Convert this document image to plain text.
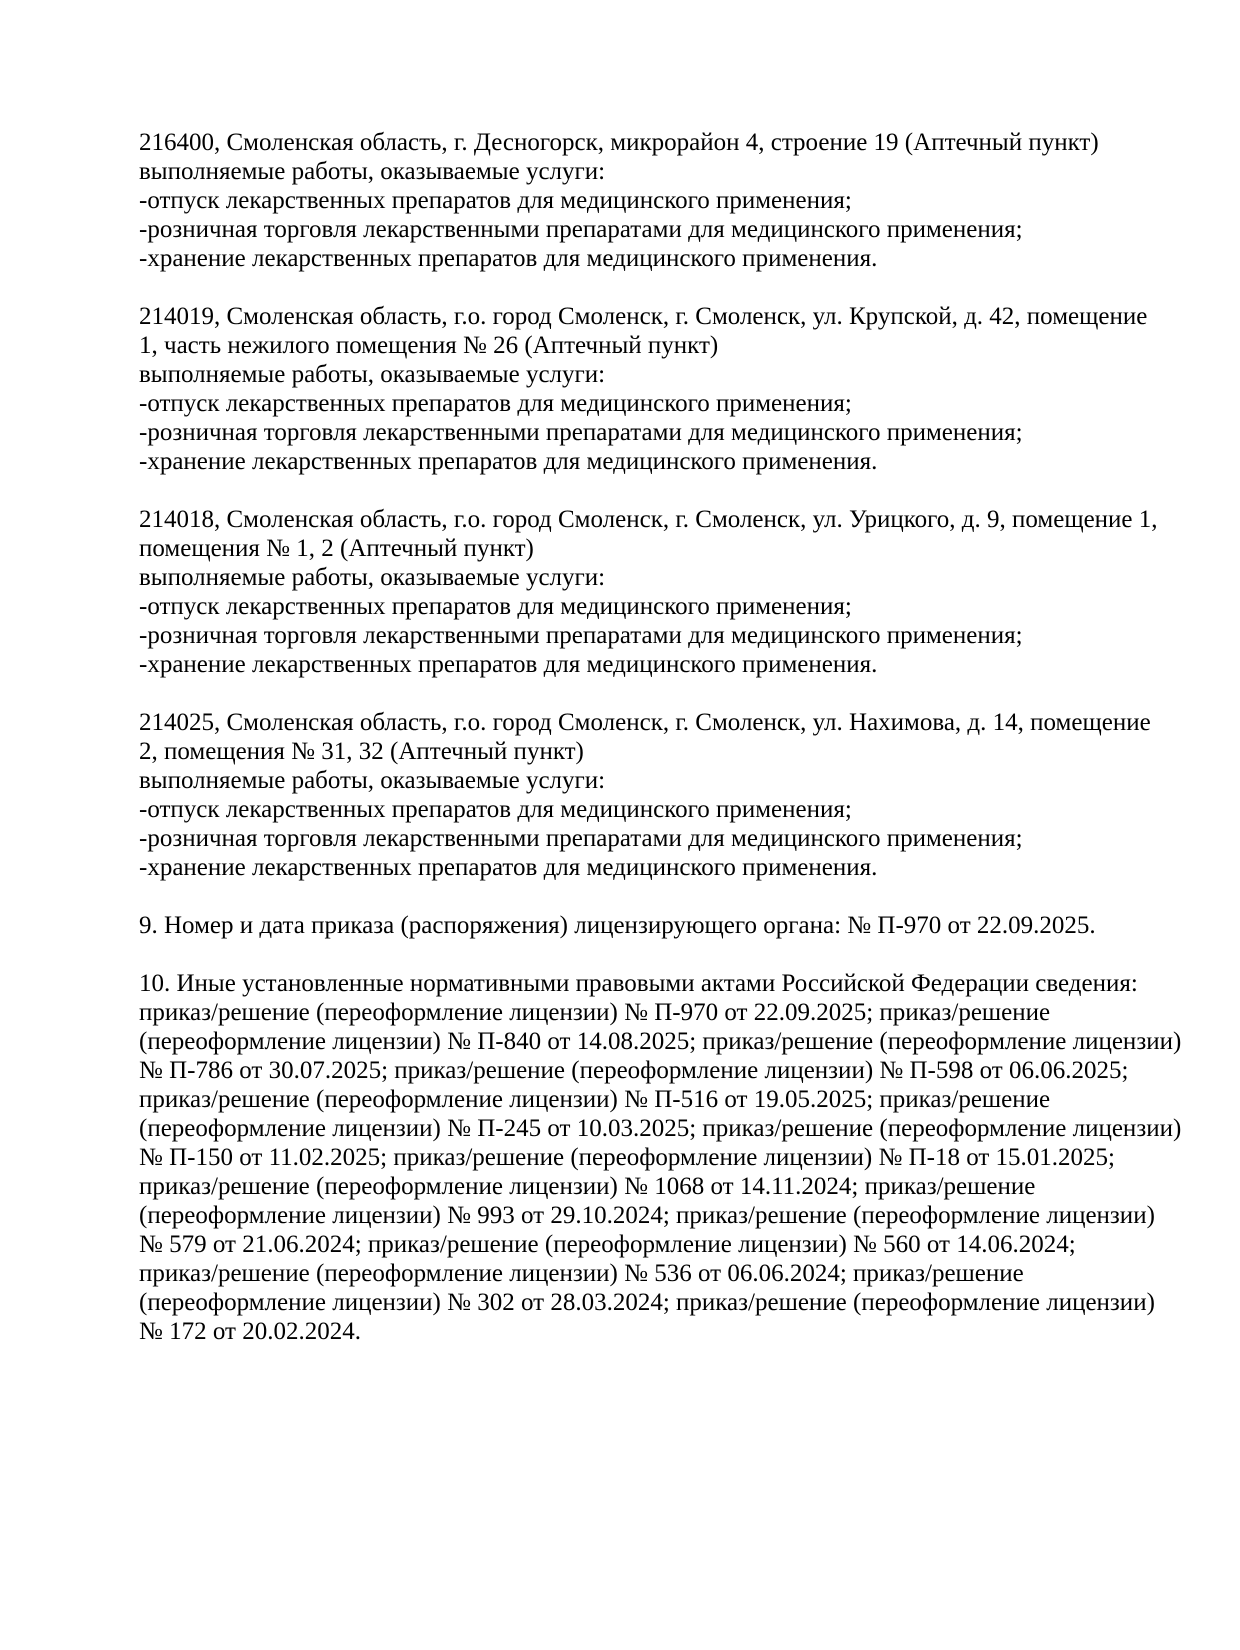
216400, Смоленская область, г. Десногорск, микрорайон 4, строение 19 (Аптечный пункт)
выполняемые работы, оказываемые услуги:
-отпуск лекарственных препаратов для медицинского применения;
-розничная торговля лекарственными препаратами для медицинского применения;
-хранение лекарственных препаратов для медицинского применения.
214019, Смоленская область, г.о. город Смоленск, г. Смоленск, ул. Крупской, д. 42, помещение
1, часть нежилого помещения № 26 (Аптечный пункт)
выполняемые работы, оказываемые услуги:
-отпуск лекарственных препаратов для медицинского применения;
-розничная торговля лекарственными препаратами для медицинского применения;
-хранение лекарственных препаратов для медицинского применения.
214018, Смоленская область, г.о. город Смоленск, г. Смоленск, ул. Урицкого, д. 9, помещение 1,
помещения № 1, 2 (Аптечный пункт)
выполняемые работы, оказываемые услуги:
-отпуск лекарственных препаратов для медицинского применения;
-розничная торговля лекарственными препаратами для медицинского применения;
-хранение лекарственных препаратов для медицинского применения.
214025, Смоленская область, г.о. город Смоленск, г. Смоленск, ул. Нахимова, д. 14, помещение
2, помещения № 31, 32 (Аптечный пункт)
выполняемые работы, оказываемые услуги:
-отпуск лекарственных препаратов для медицинского применения;
-розничная торговля лекарственными препаратами для медицинского применения;
-хранение лекарственных препаратов для медицинского применения.
9. Номер и дата приказа (распоряжения) лицензирующего органа: № П-970 от 22.09.2025.
10. Иные установленные нормативными правовыми актами Российской Федерации сведения:
приказ/решение (переоформление лицензии) № П-970 от 22.09.2025; приказ/решение
(переоформление лицензии) № П-840 от 14.08.2025; приказ/решение (переоформление лицензии)
№ П-786 от 30.07.2025; приказ/решение (переоформление лицензии) № П-598 от 06.06.2025;
приказ/решение (переоформление лицензии) № П-516 от 19.05.2025; приказ/решение
(переоформление лицензии) № П-245 от 10.03.2025; приказ/решение (переоформление лицензии)
№ П-150 от 11.02.2025; приказ/решение (переоформление лицензии) № П-18 от 15.01.2025;
приказ/решение (переоформление лицензии) № 1068 от 14.11.2024; приказ/решение
(переоформление лицензии) № 993 от 29.10.2024; приказ/решение (переоформление лицензии)
№ 579 от 21.06.2024; приказ/решение (переоформление лицензии) № 560 от 14.06.2024;
приказ/решение (переоформление лицензии) № 536 от 06.06.2024; приказ/решение
(переоформление лицензии) № 302 от 28.03.2024; приказ/решение (переоформление лицензии)
№ 172 от 20.02.2024.
